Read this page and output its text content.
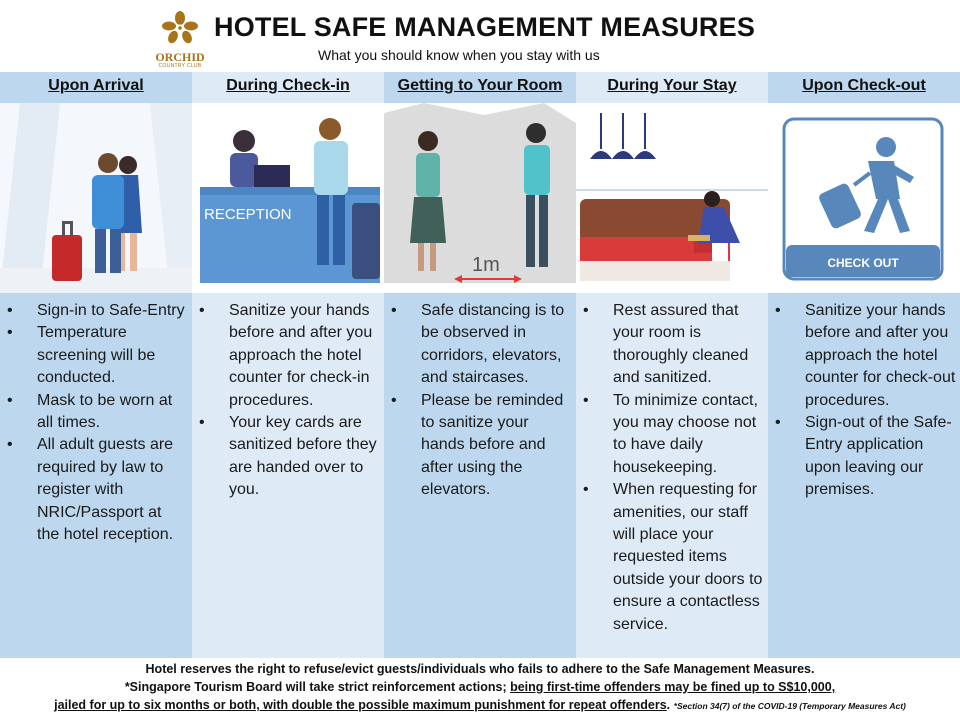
ORCHID
COUNTRY CLUB
HOTEL SAFE MANAGEMENT MEASURES
What you should know when you stay with us
Upon Arrival
• Sign-in to Safe-Entry
• Temperature screening will be conducted.
• Mask to be worn at all times.
• All adult guests are required by law to register with NRIC/Passport at the hotel reception.
During Check-in
RECEPTION
• Sanitize your hands before and after you approach the hotel counter for check-in procedures.
• Your key cards are sanitized before they are handed over to you.
Getting to Your Room
1m
• Safe distancing is to be observed in corridors, elevators, and staircases.
• Please be reminded to sanitize your hands before and after using the elevators.
During Your Stay
• Rest assured that your room is thoroughly cleaned and sanitized.
• To minimize contact, you may choose not to have daily housekeeping.
• When requesting for amenities, our staff will place your requested items outside your doors to ensure a contactless service.
Upon Check-out
CHECK OUT
• Sanitize your hands before and after you approach the hotel counter for check-out procedures.
• Sign-out of the Safe-Entry application upon leaving our premises.
Hotel reserves the right to refuse/evict guests/individuals who fails to adhere to the Safe Management Measures.
*Singapore Tourism Board will take strict reinforcement actions; being first-time offenders may be fined up to S$10,000,
jailed for up to six months or both, with double the possible maximum punishment for repeat offenders. *Section 34(7) of the COVID-19 (Temporary Measures Act)
